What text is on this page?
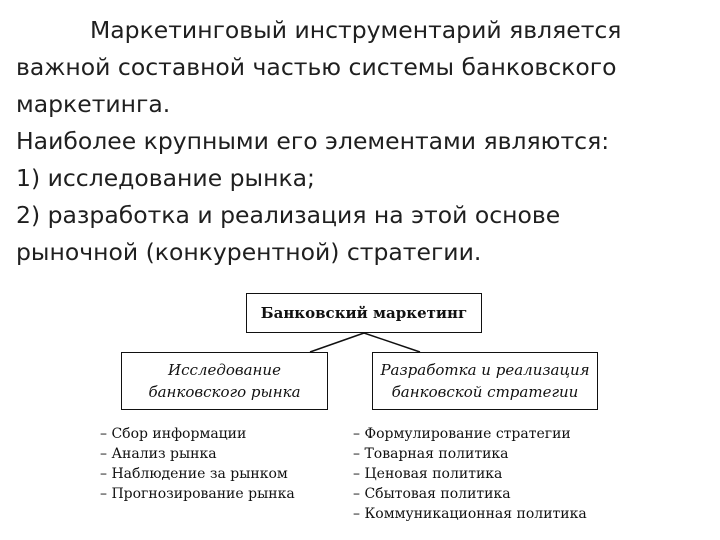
Маркетинговый инструментарий является

важной составной частью системы банковского

маркетинга.

Наиболее крупными его элементами являются:

1) исследование рынка;

2) разработка и реализация на этой основе

рыночной (конкурентной) стратегии.

Банковский маркетинг
Исследование
банковского рынка
Разработка и реализация
банковской стратегии
– Сбор информации
– Анализ рынка
– Наблюдение за рынком
– Прогнозирование рынка
– Формулирование стратегии
– Товарная политика
– Ценовая политика
– Сбытовая политика
– Коммуникационная политика
